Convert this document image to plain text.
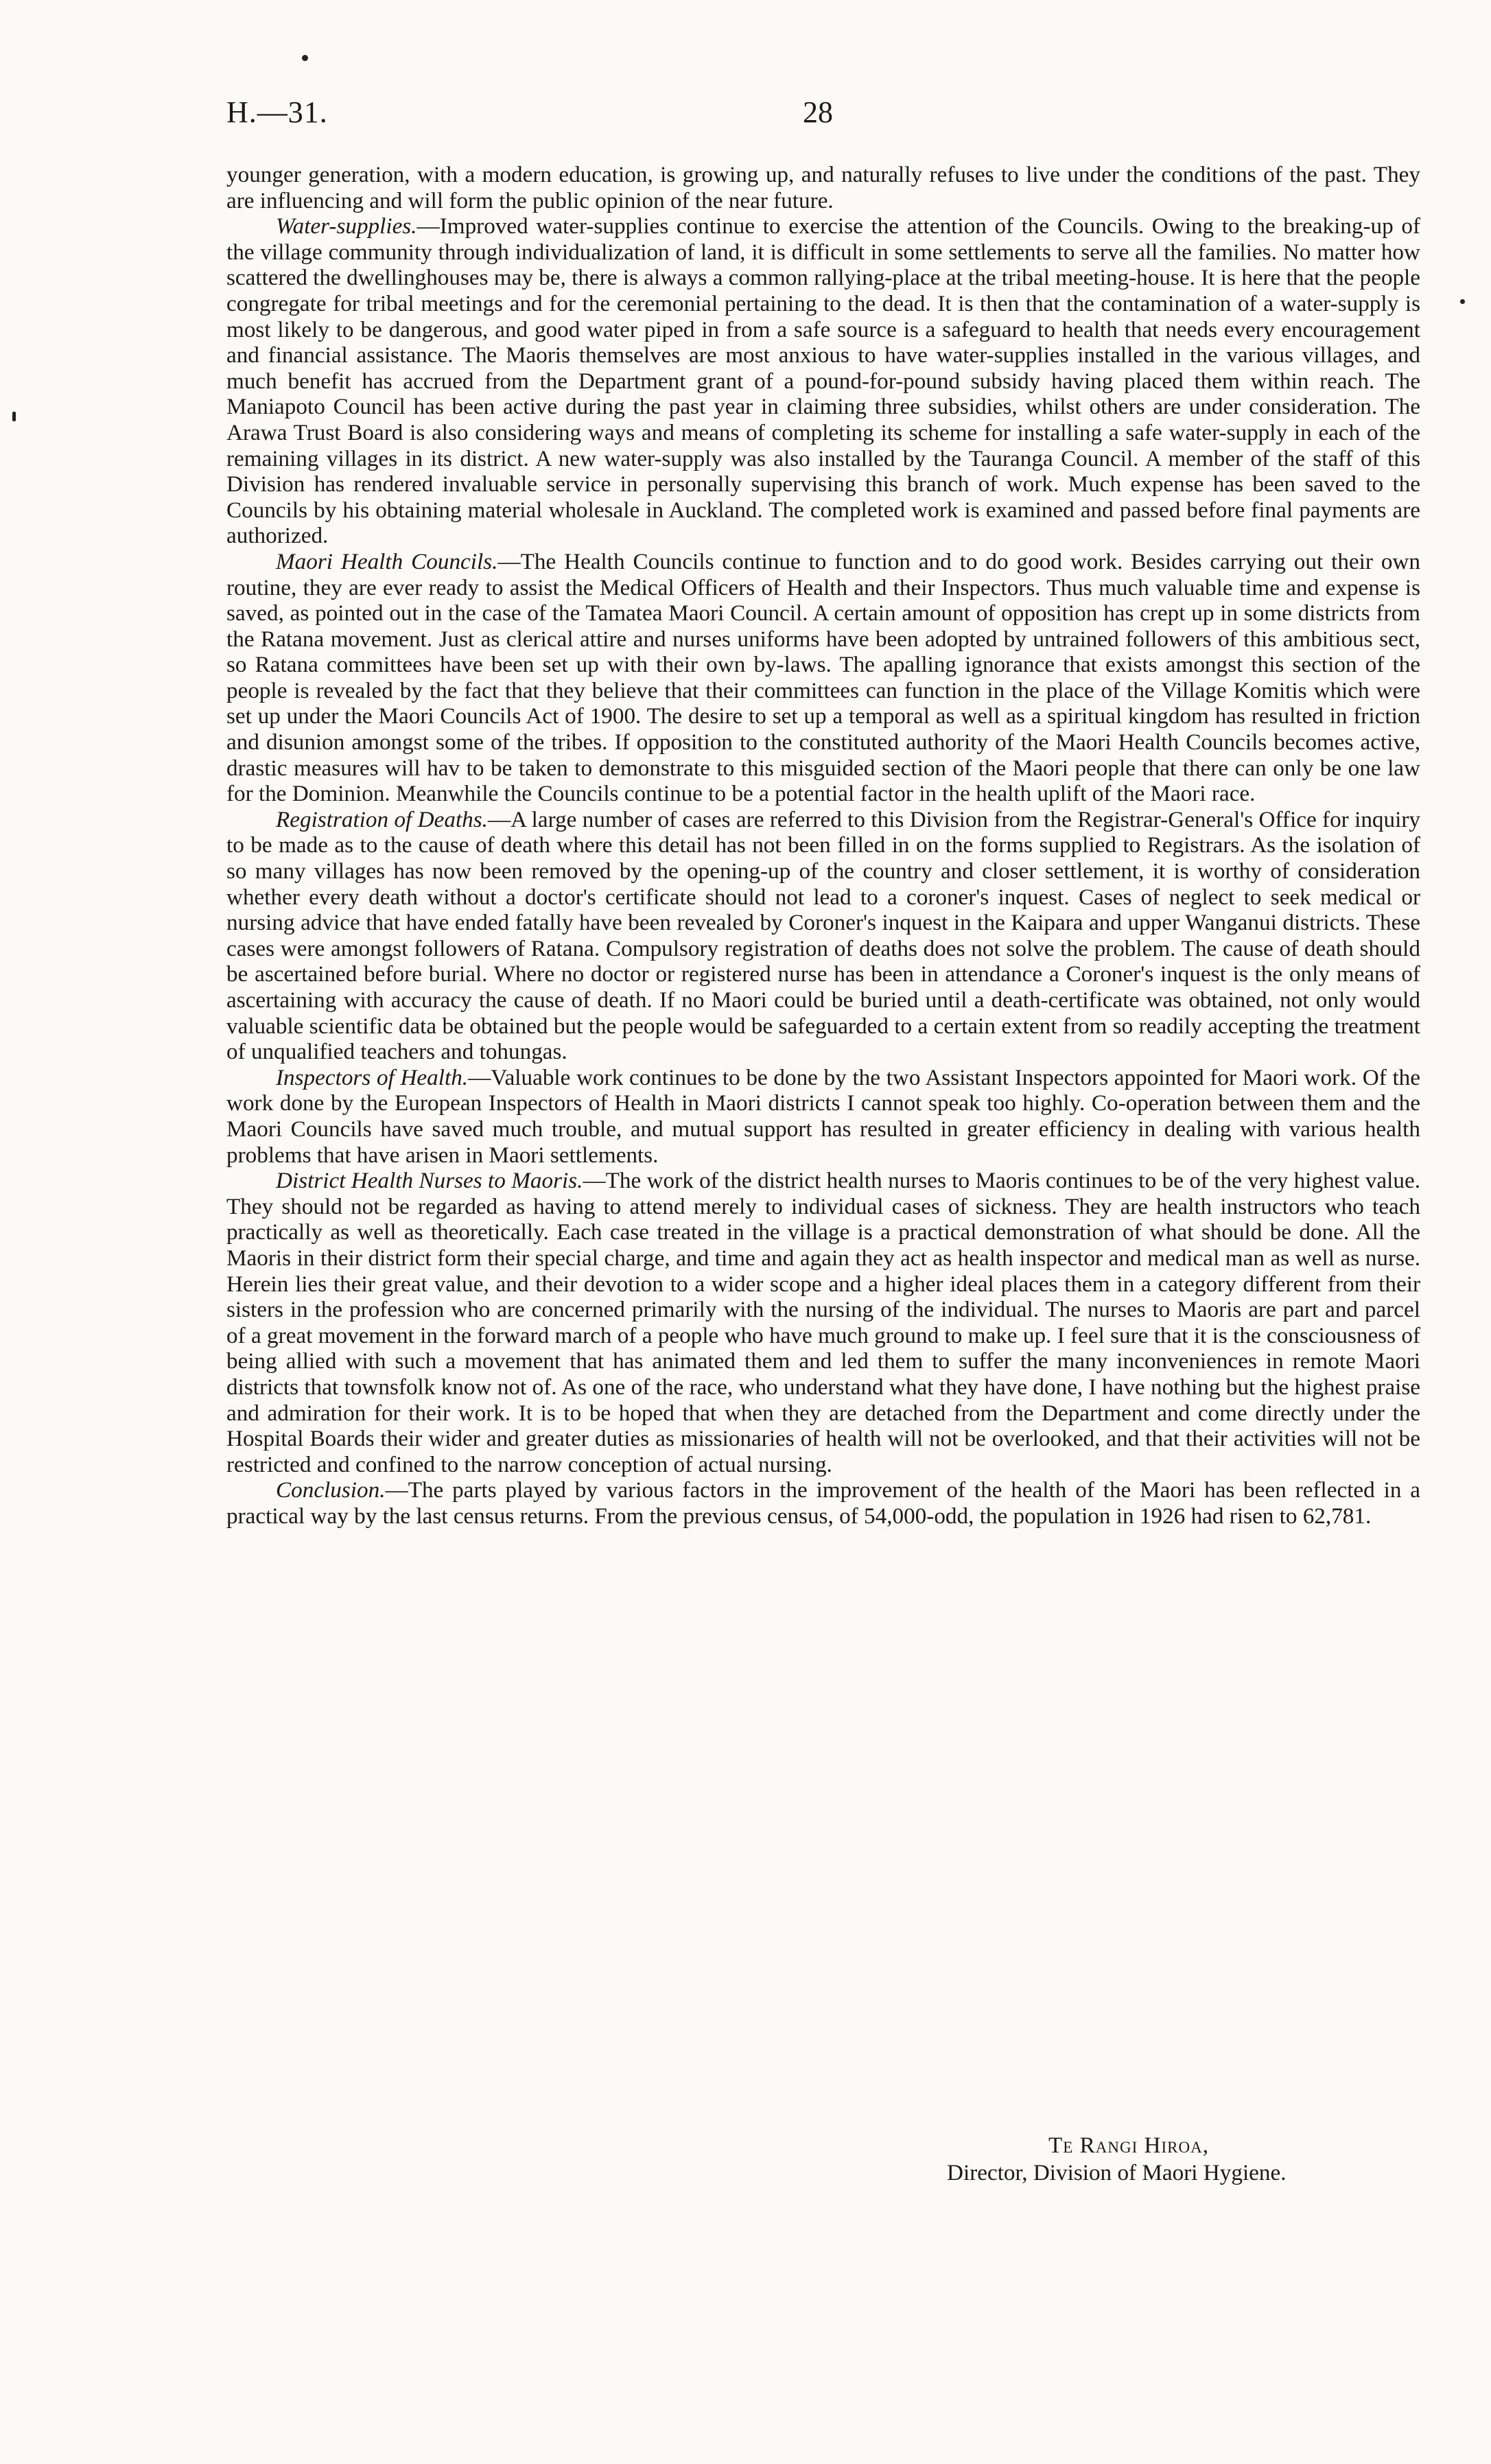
H.—31.	28

younger generation, with a modern education, is growing up, and naturally refuses to live under the conditions of the past. They are influencing and will form the public opinion of the near future.

Water-supplies.—Improved water-supplies continue to exercise the attention of the Councils. Owing to the breaking-up of the village community through individualization of land, it is difficult in some settlements to serve all the families. No matter how scattered the dwellinghouses may be, there is always a common rallying-place at the tribal meeting-house. It is here that the people congregate for tribal meetings and for the ceremonial pertaining to the dead. It is then that the contamination of a water-supply is most likely to be dangerous, and good water piped in from a safe source is a safeguard to health that needs every encouragement and financial assistance. The Maoris themselves are most anxious to have water-supplies installed in the various villages, and much benefit has accrued from the Department grant of a pound-for-pound subsidy having placed them within reach. The Maniapoto Council has been active during the past year in claiming three subsidies, whilst others are under consideration. The Arawa Trust Board is also considering ways and means of completing its scheme for installing a safe water-supply in each of the remaining villages in its district. A new water-supply was also installed by the Tauranga Council. A member of the staff of this Division has rendered invaluable service in personally supervising this branch of work. Much expense has been saved to the Councils by his obtaining material wholesale in Auckland. The completed work is examined and passed before final payments are authorized.

Maori Health Councils.—The Health Councils continue to function and to do good work. Besides carrying out their own routine, they are ever ready to assist the Medical Officers of Health and their Inspectors. Thus much valuable time and expense is saved, as pointed out in the case of the Tamatea Maori Council. A certain amount of opposition has crept up in some districts from the Ratana movement. Just as clerical attire and nurses uniforms have been adopted by untrained followers of this ambitious sect, so Ratana committees have been set up with their own by-laws. The apalling ignorance that exists amongst this section of the people is revealed by the fact that they believe that their committees can function in the place of the Village Komitis which were set up under the Maori Councils Act of 1900. The desire to set up a temporal as well as a spiritual kingdom has resulted in friction and disunion amongst some of the tribes. If opposition to the constituted authority of the Maori Health Councils becomes active, drastic measures will hav to be taken to demonstrate to this misguided section of the Maori people that there can only be one law for the Dominion. Meanwhile the Councils continue to be a potential factor in the health uplift of the Maori race.

Registration of Deaths.—A large number of cases are referred to this Division from the Registrar-General's Office for inquiry to be made as to the cause of death where this detail has not been filled in on the forms supplied to Registrars. As the isolation of so many villages has now been removed by the opening-up of the country and closer settlement, it is worthy of consideration whether every death without a doctor's certificate should not lead to a coroner's inquest. Cases of neglect to seek medical or nursing advice that have ended fatally have been revealed by Coroner's inquest in the Kaipara and upper Wanganui districts. These cases were amongst followers of Ratana. Compulsory registration of deaths does not solve the problem. The cause of death should be ascertained before burial. Where no doctor or registered nurse has been in attendance a Coroner's inquest is the only means of ascertaining with accuracy the cause of death. If no Maori could be buried until a death-certificate was obtained, not only would valuable scientific data be obtained but the people would be safeguarded to a certain extent from so readily accepting the treatment of unqualified teachers and tohungas.

Inspectors of Health.—Valuable work continues to be done by the two Assistant Inspectors appointed for Maori work. Of the work done by the European Inspectors of Health in Maori districts I cannot speak too highly. Co-operation between them and the Maori Councils have saved much trouble, and mutual support has resulted in greater efficiency in dealing with various health problems that have arisen in Maori settlements.

District Health Nurses to Maoris.—The work of the district health nurses to Maoris continues to be of the very highest value. They should not be regarded as having to attend merely to individual cases of sickness. They are health instructors who teach practically as well as theoretically. Each case treated in the village is a practical demonstration of what should be done. All the Maoris in their district form their special charge, and time and again they act as health inspector and medical man as well as nurse. Herein lies their great value, and their devotion to a wider scope and a higher ideal places them in a category different from their sisters in the profession who are concerned primarily with the nursing of the individual. The nurses to Maoris are part and parcel of a great movement in the forward march of a people who have much ground to make up. I feel sure that it is the consciousness of being allied with such a movement that has animated them and led them to suffer the many inconveniences in remote Maori districts that townsfolk know not of. As one of the race, who understand what they have done, I have nothing but the highest praise and admiration for their work. It is to be hoped that when they are detached from the Department and come directly under the Hospital Boards their wider and greater duties as missionaries of health will not be overlooked, and that their activities will not be restricted and confined to the narrow conception of actual nursing.

Conclusion.—The parts played by various factors in the improvement of the health of the Maori has been reflected in a practical way by the last census returns. From the previous census, of 54,000-odd, the population in 1926 had risen to 62,781.

Te Rangi Hiroa,
Director, Division of Maori Hygiene.
